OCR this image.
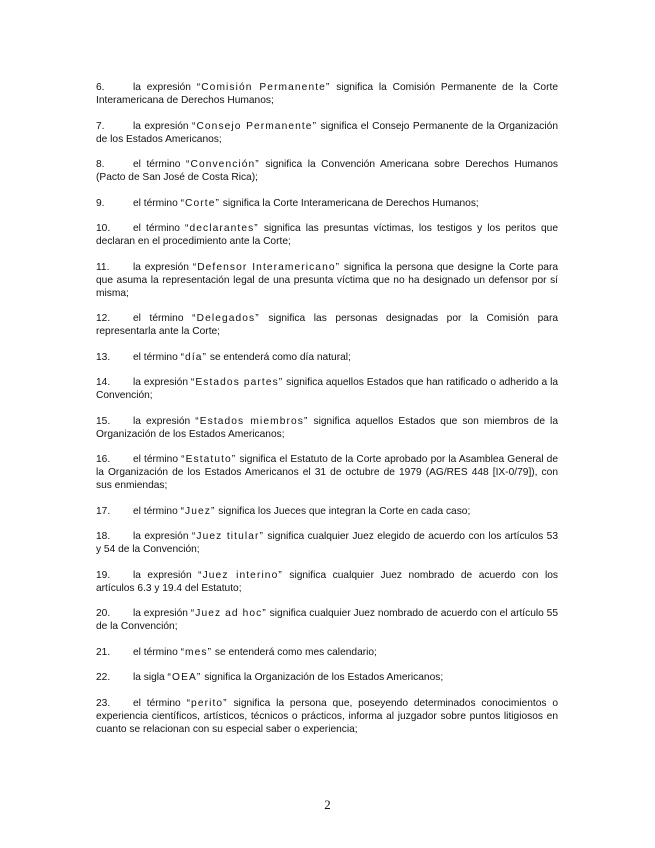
6.	la expresión “Comisión Permanente” significa la Comisión Permanente de la Corte Interamericana de Derechos Humanos;

7.	la expresión “Consejo Permanente” significa el Consejo Permanente de la Organización de los Estados Americanos;

8.	el término “Convención” significa la Convención Americana sobre Derechos Humanos (Pacto de San José de Costa Rica);

9.	el término “Corte” significa la Corte Interamericana de Derechos Humanos;

10. el término “declarantes” significa las presuntas víctimas, los testigos y los peritos que declaran en el procedimiento ante la Corte;

11. la expresión “Defensor Interamericano” significa la persona que designe la Corte para que asuma la representación legal de una presunta víctima que no ha designado un defensor por sí misma;

12. el término “Delegados” significa las personas designadas por la Comisión para representarla ante la Corte;

13. el término “día” se entenderá como día natural;

14. la expresión “Estados partes” significa aquellos Estados que han ratificado o adherido a la Convención;

15. la expresión “Estados miembros” significa aquellos Estados que son miembros de la Organización de los Estados Americanos;

16. el término “Estatuto” significa el Estatuto de la Corte aprobado por la Asamblea General de la Organización de los Estados Americanos el 31 de octubre de 1979 (AG/RES 448 [IX-0/79]), con sus enmiendas;

17. el término “Juez” significa los Jueces que integran la Corte en cada caso;

18. la expresión “Juez titular” significa cualquier Juez elegido de acuerdo con los artículos 53 y 54 de la Convención;

19. la expresión “Juez interino” significa cualquier Juez nombrado de acuerdo con los artículos 6.3 y 19.4 del Estatuto;

20. la expresión “Juez ad hoc” significa cualquier Juez nombrado de acuerdo con el artículo 55 de la Convención;

21. el término “mes” se entenderá como mes calendario;

22. la sigla “OEA” significa la Organización de los Estados Americanos;

23. el término “perito” significa la persona que, poseyendo determinados conocimientos o experiencia científicos, artísticos, técnicos o prácticos, informa al juzgador sobre puntos litigiosos en cuanto se relacionan con su especial saber o experiencia;

2
